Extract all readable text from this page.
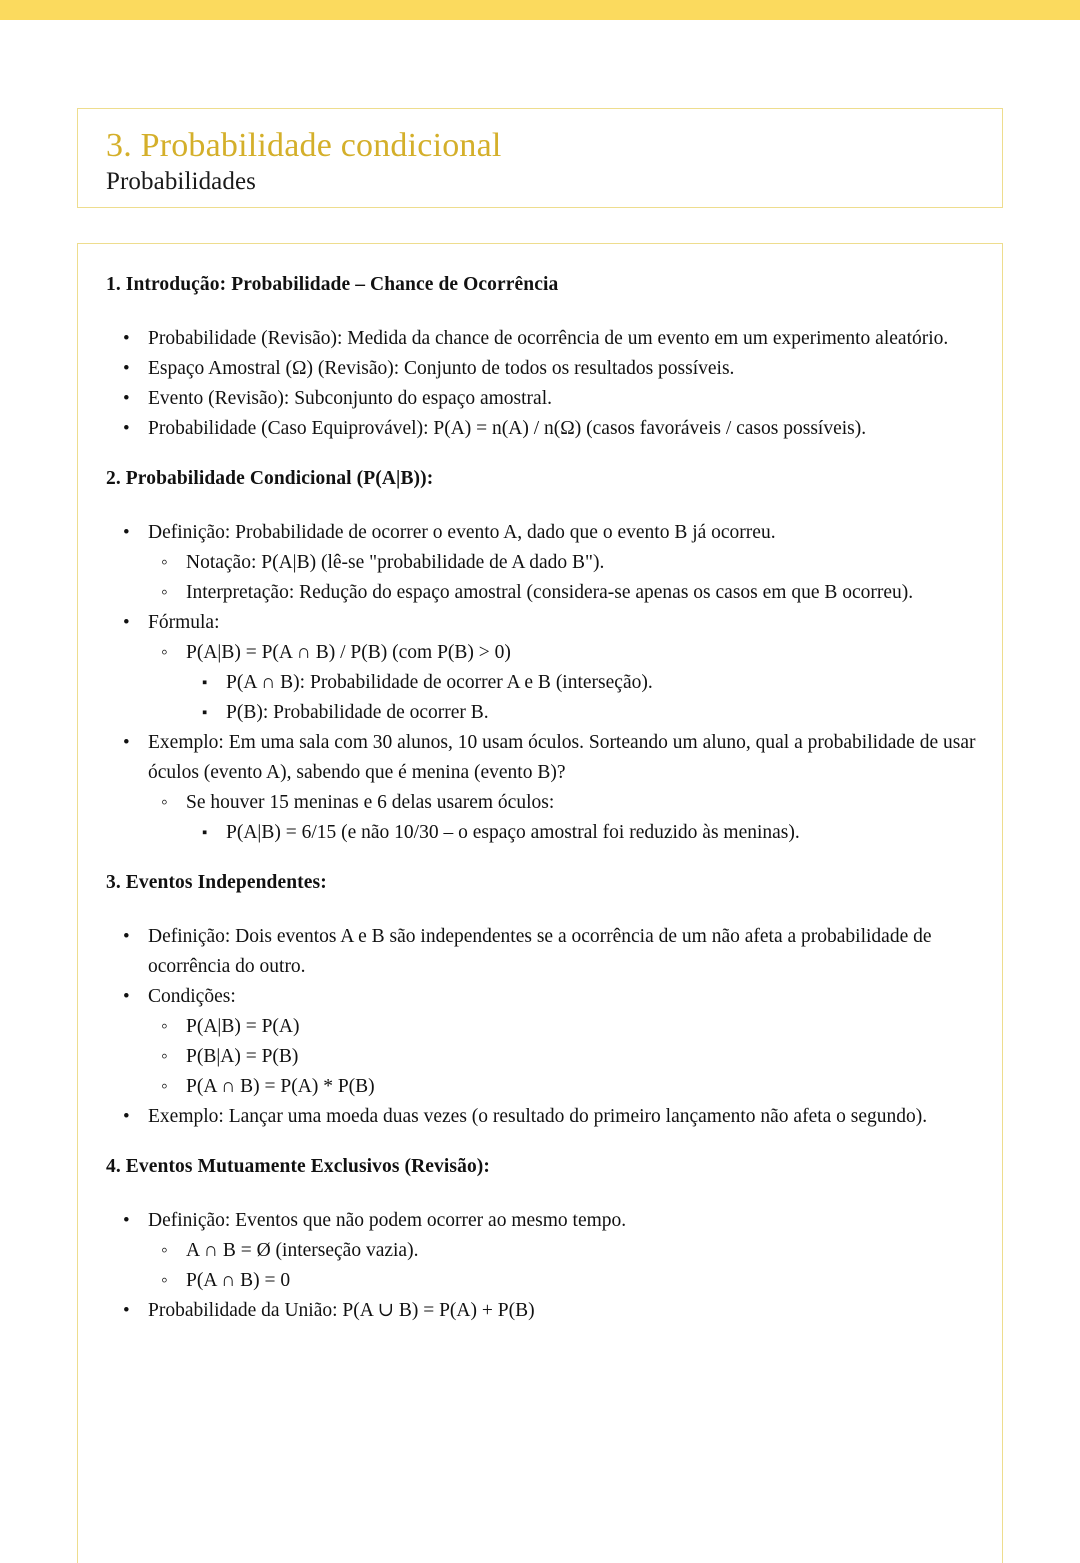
3. Probabilidade condicional
Probabilidades
1. Introdução: Probabilidade – Chance de Ocorrência
• Probabilidade (Revisão): Medida da chance de ocorrência de um evento em um experimento aleatório.
• Espaço Amostral (Ω) (Revisão): Conjunto de todos os resultados possíveis.
• Evento (Revisão): Subconjunto do espaço amostral.
• Probabilidade (Caso Equiprovável): P(A) = n(A) / n(Ω) (casos favoráveis / casos possíveis).
2. Probabilidade Condicional (P(A|B)):
• Definição: Probabilidade de ocorrer o evento A, dado que o evento B já ocorreu.
◦ Notação: P(A|B) (lê-se "probabilidade de A dado B").
◦ Interpretação: Redução do espaço amostral (considera-se apenas os casos em que B ocorreu).
• Fórmula:
◦ P(A|B) = P(A ∩ B) / P(B) (com P(B) > 0)
▪ P(A ∩ B): Probabilidade de ocorrer A e B (interseção).
▪ P(B): Probabilidade de ocorrer B.
• Exemplo: Em uma sala com 30 alunos, 10 usam óculos. Sorteando um aluno, qual a probabilidade de usar óculos (evento A), sabendo que é menina (evento B)?
◦ Se houver 15 meninas e 6 delas usarem óculos:
▪ P(A|B) = 6/15 (e não 10/30 – o espaço amostral foi reduzido às meninas).
3. Eventos Independentes:
• Definição: Dois eventos A e B são independentes se a ocorrência de um não afeta a probabilidade de ocorrência do outro.
• Condições:
◦ P(A|B) = P(A)
◦ P(B|A) = P(B)
◦ P(A ∩ B) = P(A) * P(B)
• Exemplo: Lançar uma moeda duas vezes (o resultado do primeiro lançamento não afeta o segundo).
4. Eventos Mutuamente Exclusivos (Revisão):
• Definição: Eventos que não podem ocorrer ao mesmo tempo.
◦ A ∩ B = Ø (interseção vazia).
◦ P(A ∩ B) = 0
• Probabilidade da União: P(A ∪ B) = P(A) + P(B)
